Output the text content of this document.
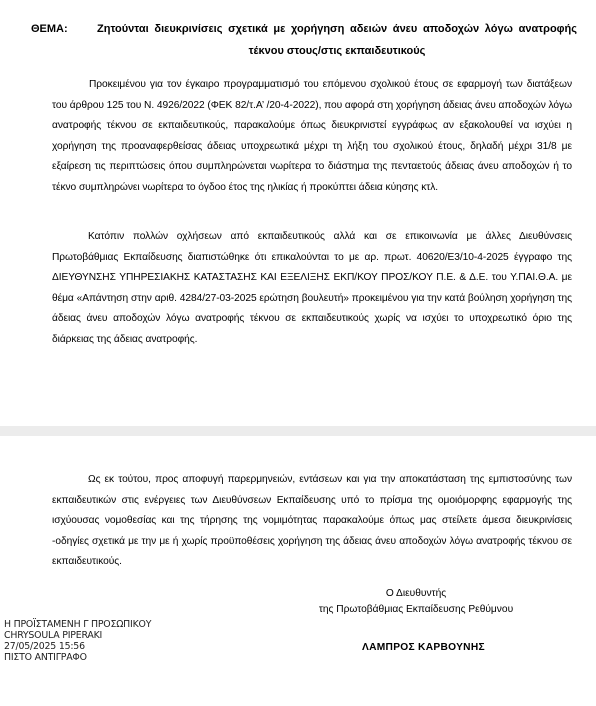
ΘΕΜΑ:	Ζητούνται διευκρινίσεις σχετικά με χορήγηση αδειών άνευ αποδοχών λόγω ανατροφής τέκνου στους/στις εκπαιδευτικούς
Προκειμένου για τον έγκαιρο προγραμματισμό του επόμενου σχολικού έτους σε εφαρμογή των διατάξεων του άρθρου 125 του Ν. 4926/2022 (ΦΕΚ 82/τ.Α’ /20-4-2022), που αφορά στη χορήγηση άδειας άνευ αποδοχών λόγω ανατροφής τέκνου σε εκπαιδευτικούς, παρακαλούμε όπως διευκρινιστεί εγγράφως αν εξακολουθεί να ισχύει η χορήγηση της προαναφερθείσας άδειας υποχρεωτικά μέχρι τη λήξη του σχολικού έτους, δηλαδή μέχρι 31/8 με εξαίρεση τις περιπτώσεις όπου συμπληρώνεται νωρίτερα το διάστημα της πενταετούς άδειας άνευ αποδοχών ή το τέκνο συμπληρώνει νωρίτερα το όγδοο έτος της ηλικίας ή προκύπτει άδεια κύησης κτλ.
Κατόπιν πολλών οχλήσεων από εκπαιδευτικούς αλλά και σε επικοινωνία με άλλες Διευθύνσεις Πρωτοβάθμιας Εκπαίδευσης διαπιστώθηκε ότι επικαλούνται το με αρ. πρωτ. 40620/Ε3/10-4-2025 έγγραφο της ΔΙΕΥΘΥΝΣΗΣ ΥΠΗΡΕΣΙΑΚΗΣ ΚΑΤΑΣΤΑΣΗΣ ΚΑΙ ΕΞΕΛΙΞΗΣ ΕΚΠ/ΚΟΥ ΠΡΟΣ/ΚΟΥ Π.Ε. & Δ.Ε. του Υ.ΠΑΙ.Θ.Α. με θέμα «Απάντηση στην αριθ. 4284/27-03-2025 ερώτηση βουλευτή» προκειμένου για την κατά βούληση χορήγηση της άδειας άνευ αποδοχών λόγω ανατροφής τέκνου σε εκπαιδευτικούς χωρίς να ισχύει το υποχρεωτικό όριο της διάρκειας της άδειας ανατροφής.
Ως εκ τούτου, προς αποφυγή παρερμηνειών, εντάσεων και για την αποκατάσταση της εμπιστοσύνης των εκπαιδευτικών στις ενέργειες των Διευθύνσεων Εκπαίδευσης υπό το πρίσμα της ομοιόμορφης εφαρμογής της ισχύουσας νομοθεσίας και της τήρησης της νομιμότητας παρακαλούμε όπως μας στείλετε άμεσα διευκρινίσεις -οδηγίες σχετικά με την με ή χωρίς προϋποθέσεις χορήγηση της άδειας άνευ αποδοχών λόγω ανατροφής τέκνου σε εκπαιδευτικούς.
Ο Διευθυντής
της Πρωτοβάθμιας Εκπαίδευσης Ρεθύμνου
ΛΑΜΠΡΟΣ ΚΑΡΒΟΥΝΗΣ
Η ΠΡΟΪΣΤΑΜΕΝΗ Γ ΠΡΟΣΩΠΙΚΟΥ
CHRYSOULA PIPERAKI
27/05/2025 15:56
ΠΙΣΤΟ ΑΝΤΙΓΡΑΦΟ
